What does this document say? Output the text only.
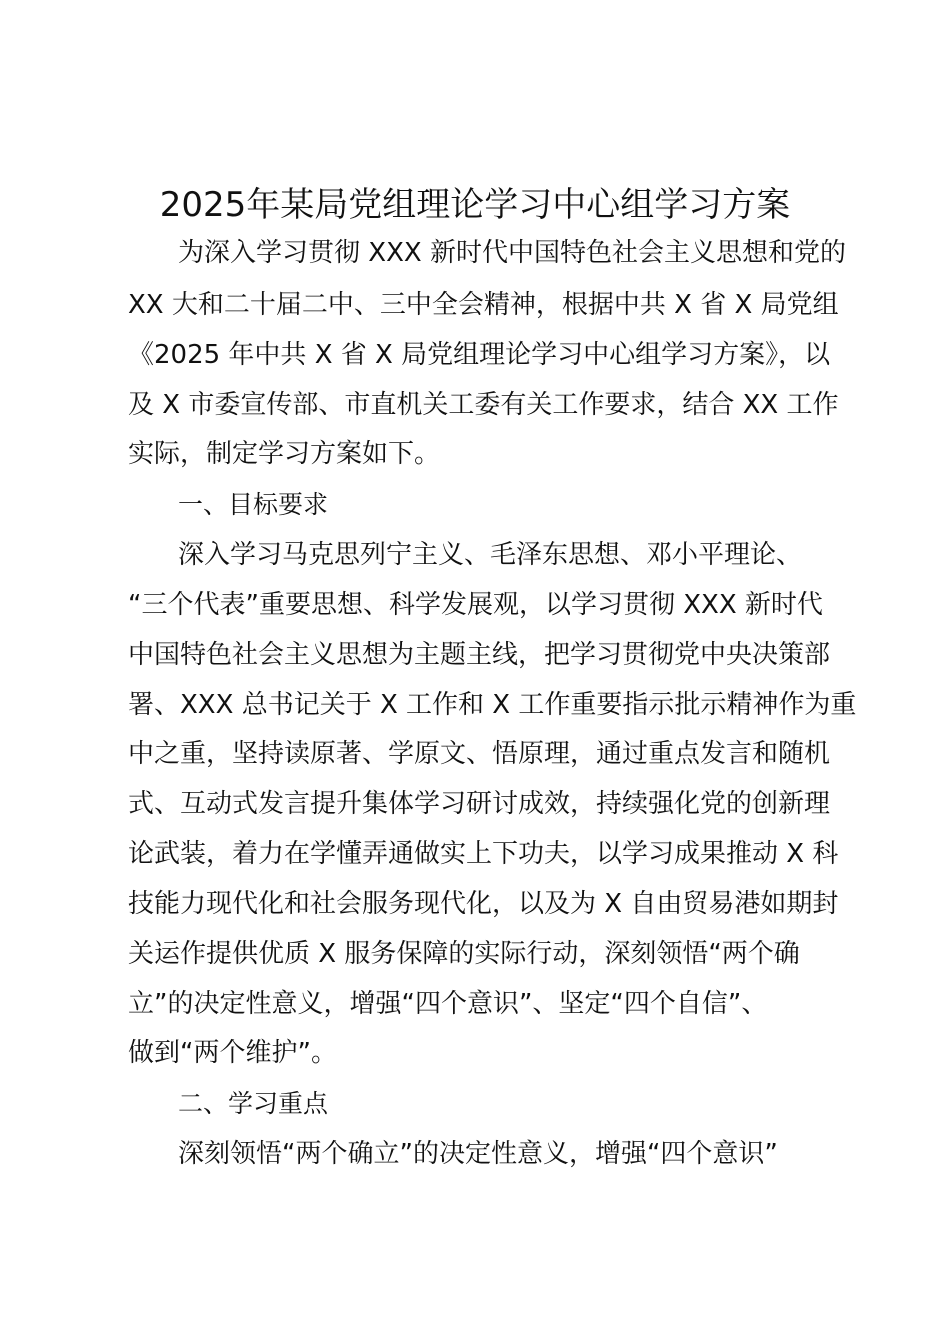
2025年某局党组理论学习中心组学习方案
为深入学习贯彻 XXX 新时代中国特色社会主义思想和党的
XX 大和二十届二中、三中全会精神，根据中共 X 省 X 局党组
《2025 年中共 X 省 X 局党组理论学习中心组学习方案》，以
及 X 市委宣传部、市直机关工委有关工作要求，结合 XX 工作
实际，制定学习方案如下。
一、目标要求
深入学习马克思列宁主义、毛泽东思想、邓小平理论、
“三个代表”重要思想、科学发展观，以学习贯彻 XXX 新时代
中国特色社会主义思想为主题主线，把学习贯彻党中央决策部
署、XXX 总书记关于 X 工作和 X 工作重要指示批示精神作为重
中之重，坚持读原著、学原文、悟原理，通过重点发言和随机
式、互动式发言提升集体学习研讨成效，持续强化党的创新理
论武装，着力在学懂弄通做实上下功夫，以学习成果推动 X 科
技能力现代化和社会服务现代化，以及为 X 自由贸易港如期封
关运作提供优质 X 服务保障的实际行动，深刻领悟“两个确
立”的决定性意义，增强“四个意识”、坚定“四个自信”、
做到“两个维护”。
二、学习重点
深刻领悟“两个确立”的决定性意义，增强“四个意识”
